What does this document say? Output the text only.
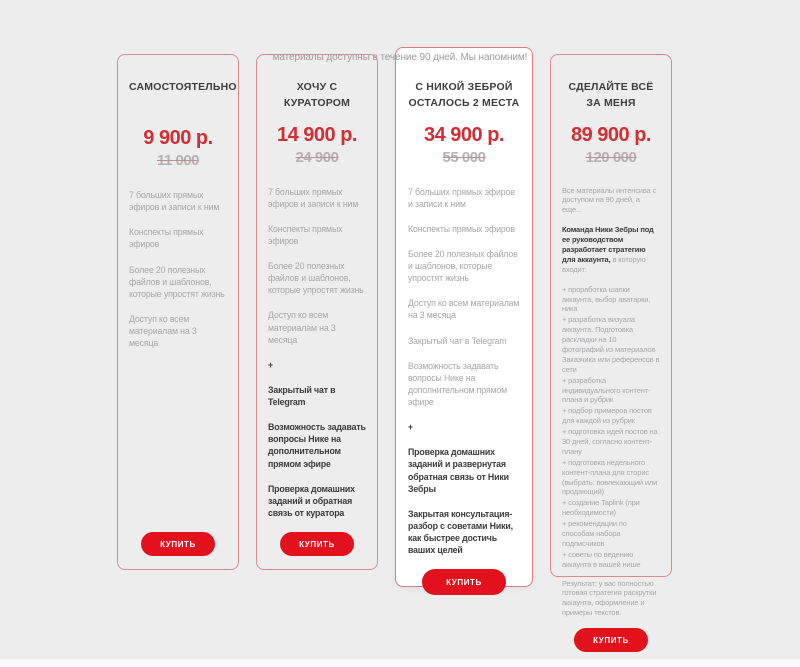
материалы доступны в течение 90 дней. Мы напомним!
САМОСТОЯТЕЛЬНО
9 900 р.
11 000

7 больших прямых эфиров и записи к ним

Конспекты прямых эфиров

Более 20 полезных файлов и шаблонов, которые упростят жизнь

Доступ ко всем материалам на 3 месяца

КУПИТЬ
ХОЧУ С КУРАТОРОМ
14 900 р.
24 900

7 больших прямых эфиров и записи к ним

Конспекты прямых эфиров

Более 20 полезных файлов и шаблонов, которые упростят жизнь

Доступ ко всем материалам на 3 месяца

+

Закрытый чат в Telegram

Возможность задавать вопросы Нике на дополнительном прямом эфире

Проверка домашних заданий и обратная связь от куратора

КУПИТЬ
С НИКОЙ ЗЕБРОЙ
ОСТАЛОСЬ 2 МЕСТА
34 900 р.
55 000

7 больших прямых эфиров и записи к ним

Конспекты прямых эфиров

Более 20 полезных файлов и шаблонов, которые упростят жизнь

Доступ ко всем материалам на 3 месяца

Закрытый чат в Telegram

Возможность задавать вопросы Нике на дополнительном прямом эфире

+

Проверка домашних заданий и развернутая обратная связь от Ники Зебры

Закрытая консультация-разбор с советами Ники, как быстрее достичь ваших целей

КУПИТЬ
СДЕЛАЙТЕ ВСЁ
ЗА МЕНЯ
89 900 р.
120 000

Все материалы интенсива с доступом на 90 дней, а еще...

Команда Ники Зебры под ее руководством разработает стратегию для аккаунта, в которую входит:

+ проработка шапки аккаунта, выбор аватарки, ника

+ разработка визуала аккаунта. Подготовка раскладки на 10 фотографий из материалов Заказчика или референсов в сети

+ разработка индивидуального контент-плана и рубрик

+ подбор примеров постов для каждой из рубрик

+ подготовка идей постов на 30 дней, согласно контент-плану

+ подготовка недельного контент-плана для сторис (выбрать: вовлекающий или продающий)

+ создание Taplink (при необходимости)

+ рекомендации по способам набора подписчиков

+ советы по ведению аккаунта в вашей нише

Результат: у вас полностью готовая стратегия раскрутки аккаунта, оформление и примеры текстов.

КУПИТЬ
